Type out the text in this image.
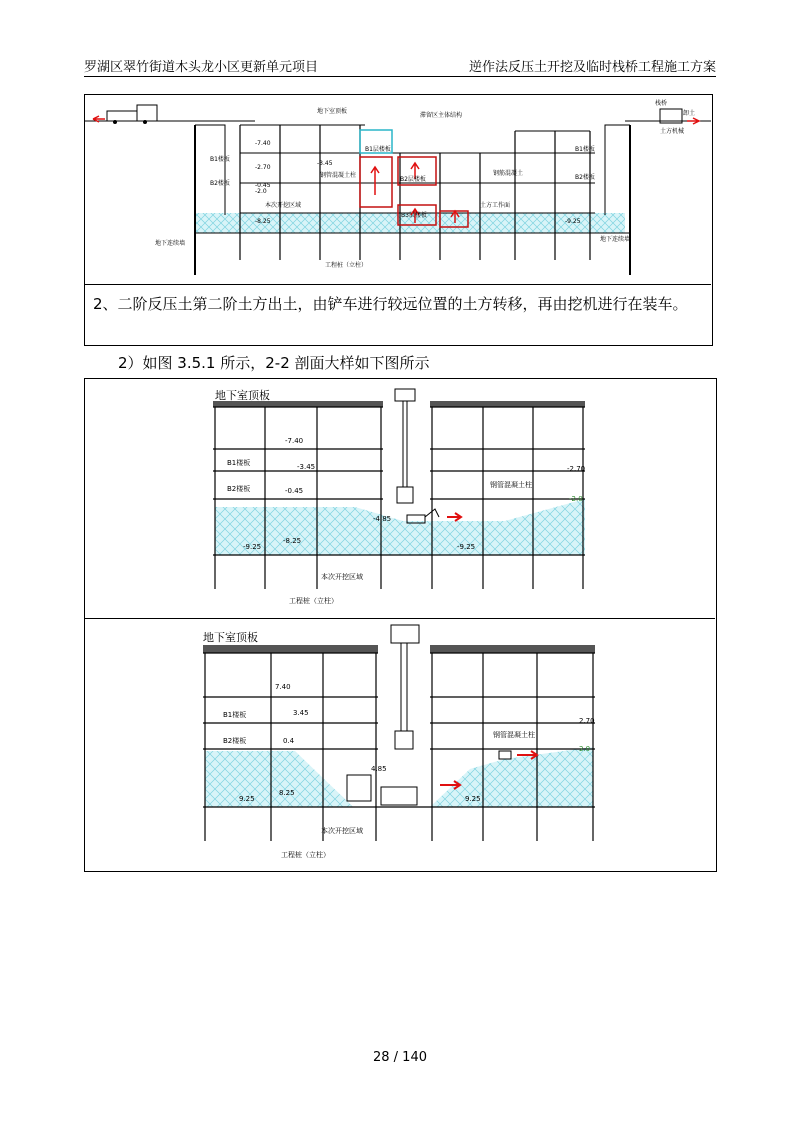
罗湖区翠竹街道木头龙小区更新单元项目	逆作法反压土开挖及临时栈桥工程施工方案
地下室顶板
滞留区主体结构
B1楼板
B2楼板
B1楼板
B2楼板
B1层楼板
B2层楼板
B3层楼板
-7.40
-2.70
-0.45
-2.0
-3.45
-8.25	-9.25
本次开挖区域
工程桩（立柱）
钢管混凝土柱
地下连续墙
土方工作面
钢筋混凝土
栈桥
地下连续墙
土方机械
卸土
2、二阶反压土第二阶土方出土，由铲车进行较远位置的土方转移，再由挖机进行在装车。
2）如图 3.5.1 所示，2-2 剖面大样如下图所示
地下室顶板
-7.40
B1楼板	-3.45
B2楼板	-0.45
-2.70
-2.0
-4.85
-9.25
-8.25
-9.25
钢管混凝土柱
本次开挖区域
工程桩（立柱）
地下室顶板
7.40
B1楼板	3.45
B2楼板	0.4
2.70
2.0
4.85
9.25
8.25
9.25
钢管混凝土柱
本次开挖区域
工程桩（立柱）
28 / 140
